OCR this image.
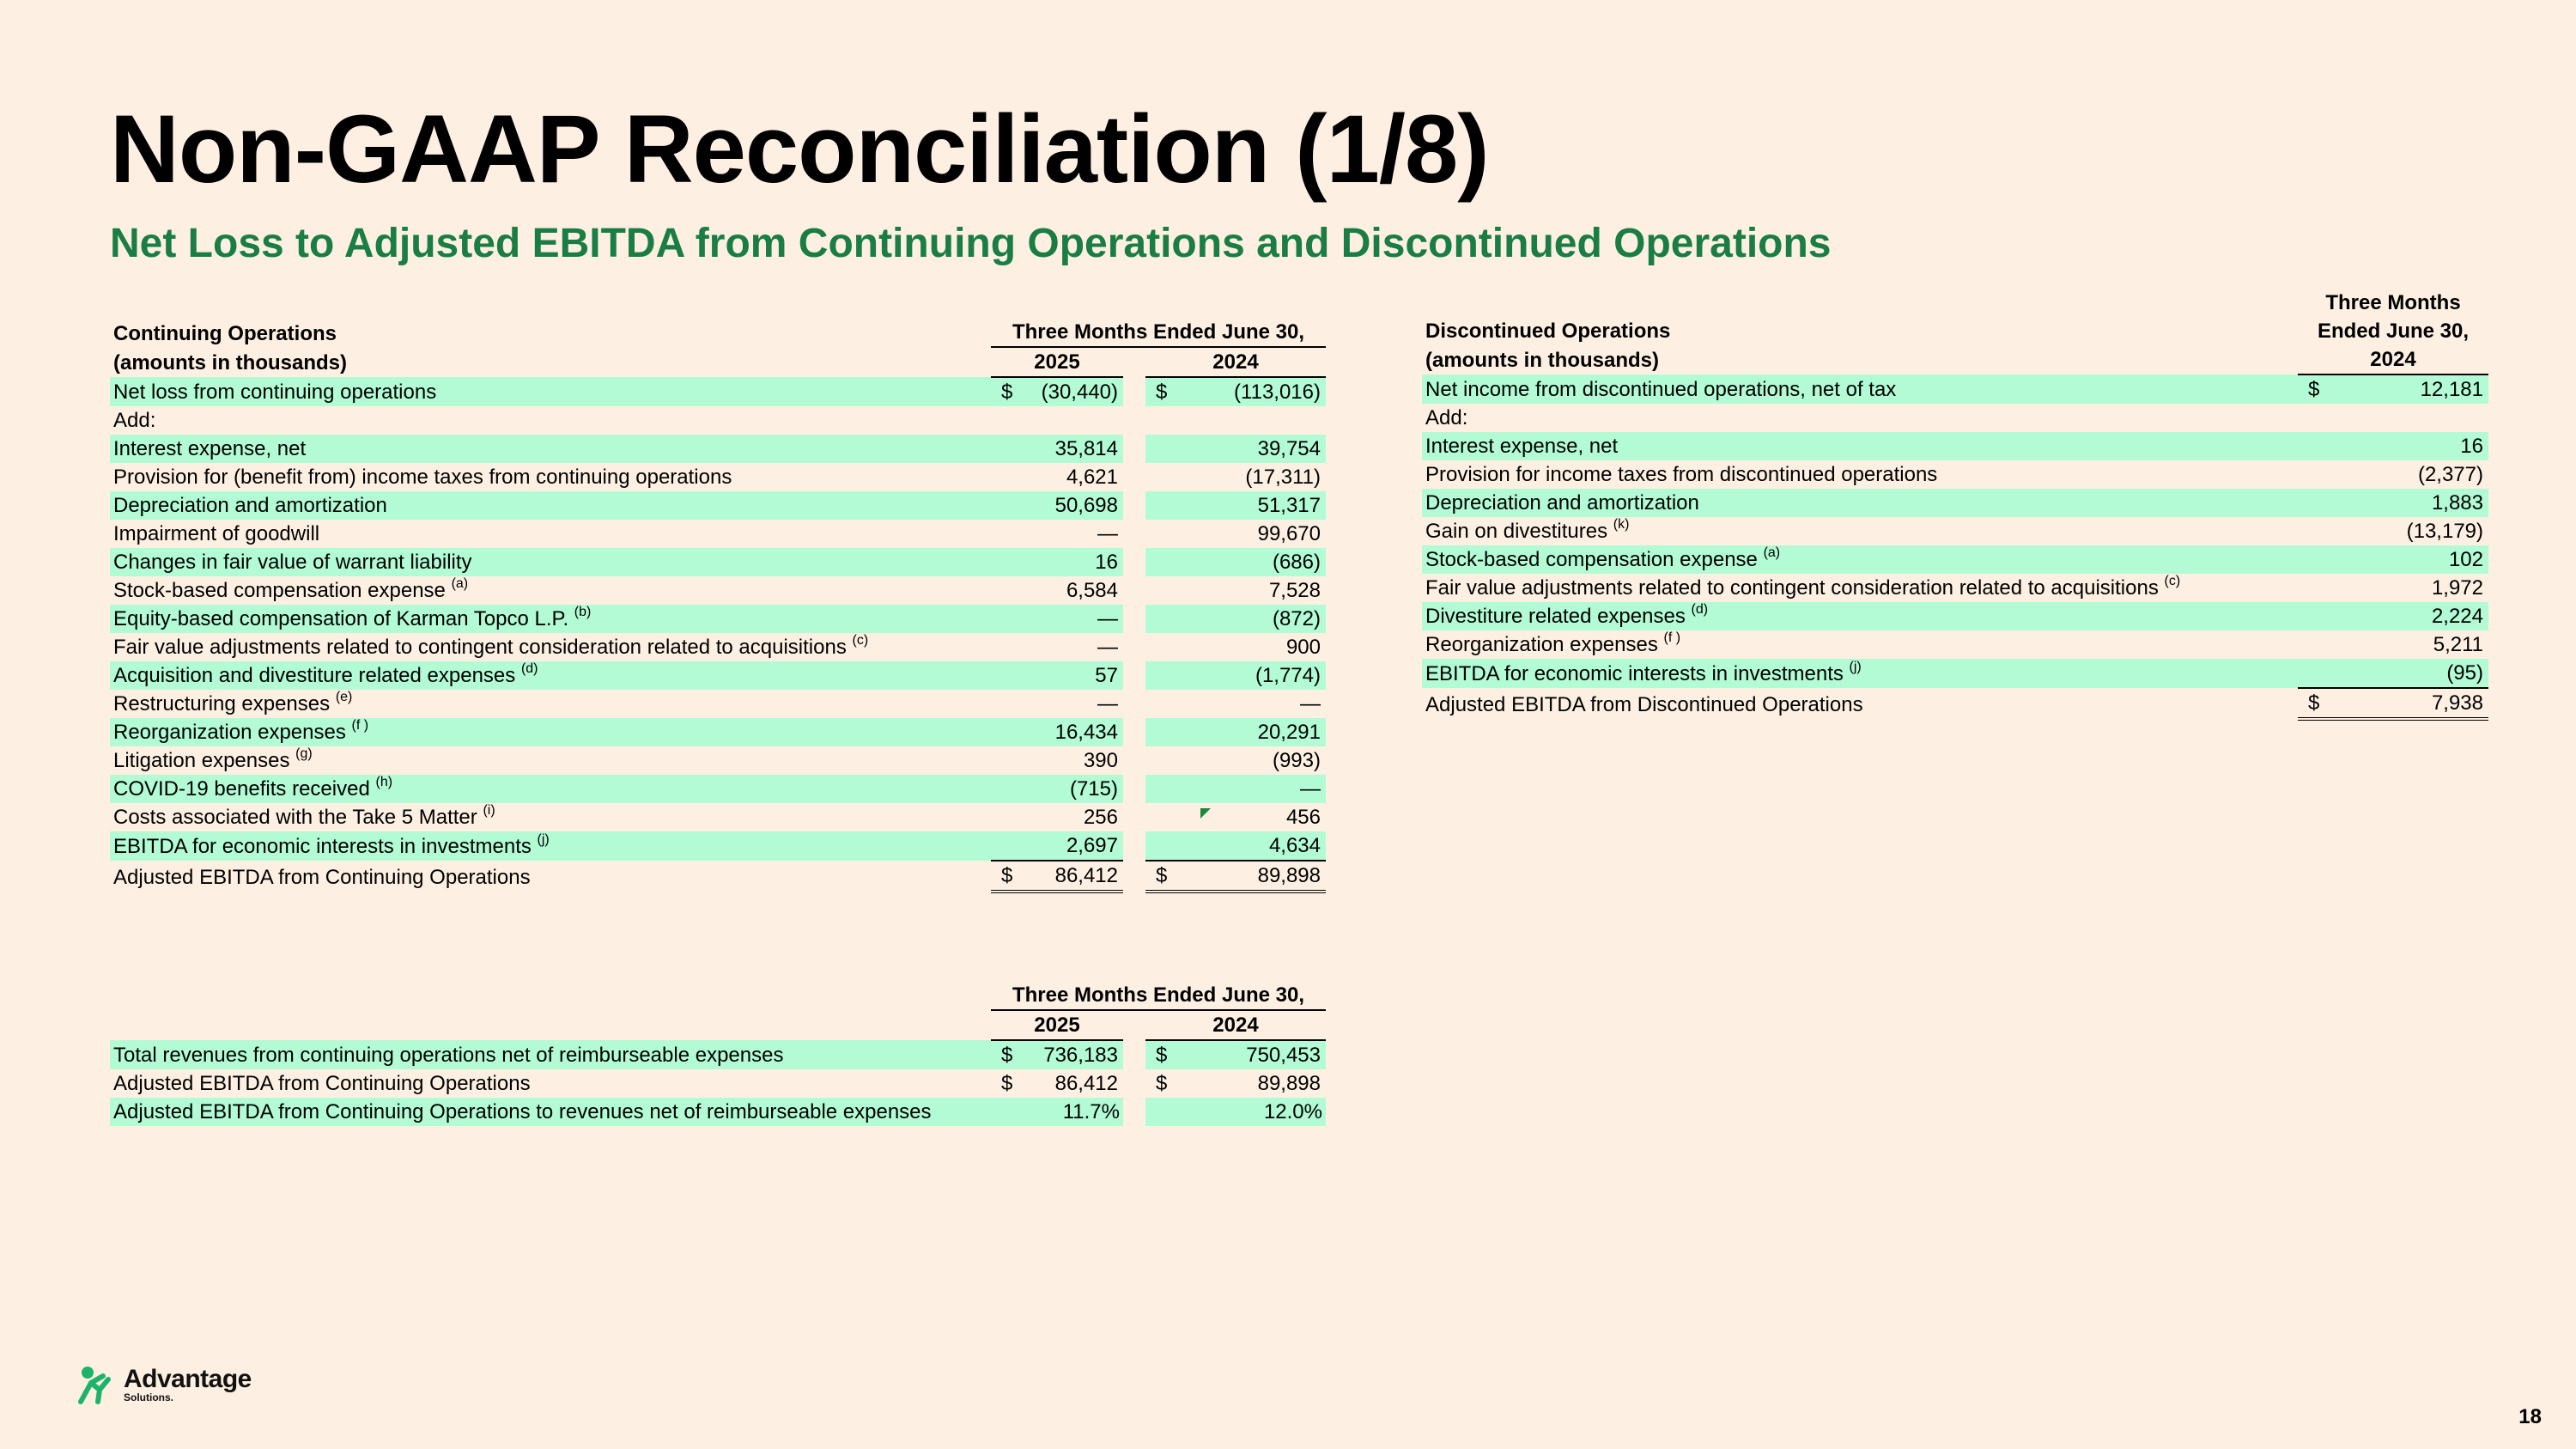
Non-GAAP Reconciliation (1/8)
Net Loss to Adjusted EBITDA from Continuing Operations and Discontinued Operations
Continuing Operations	Three Months Ended June 30,				

(amounts in thousands)	2025			2024	
Net loss from continuing operations	$	(30,440)		$	(113,016)
Add:					
Interest expense, net		35,814			39,754
Provision for (benefit from) income taxes from continuing operations		4,621			(17,311)
Depreciation and amortization		50,698			51,317
Impairment of goodwill		—			99,670
Changes in fair value of warrant liability		16			(686)
Stock-based compensation expense $^{(a)}$		6,584			7,528
Equity-based compensation of Karman Topco L.P. $^{(b)}$		—			(872)
Fair value adjustments related to contingent consideration related to acquisitions $^{(c)}$		—			900
Acquisition and divestiture related expenses $^{(d)}$		57			(1,774)
Restructuring expenses $^{(e)}$		—			—
Reorganization expenses $^{(f )}$		16,434			20,291
Litigation expenses $^{(g)}$		390			(993)
COVID-19 benefits received $^{(h)}$		(715)			—
Costs associated with the Take 5 Matter $^{(i)}$		256			456
EBITDA for economic interests in investments $^{(j)}$		2,697			4,634
Adjusted EBITDA from Continuing Operations	$	86,412		$	89,898

	Three Months Ended June 30,				

	2025			2024	
Total revenues from continuing operations net of reimburseable expenses	$	736,183		$	750,453
Adjusted EBITDA from Continuing Operations	$	86,412		$	89,898
Adjusted EBITDA from Continuing Operations to revenues net of reimburseable expenses	11.7%			12.0%	
	Three Months	
Discontinued Operations	Ended June 30,	
(amounts in thousands)	2024	
Net income from discontinued operations, net of tax	$	12,181
Add:		
Interest expense, net		16
Provision for income taxes from discontinued operations		(2,377)
Depreciation and amortization		1,883
Gain on divestitures $^{(k)}$		(13,179)
Stock-based compensation expense $^{(a)}$		102
Fair value adjustments related to contingent consideration related to acquisitions $^{(c)}$		1,972
Divestiture related expenses $^{(d)}$		2,224
Reorganization expenses $^{(f )}$		5,211
EBITDA for economic interests in investments $^{(j)}$		(95)
Adjusted EBITDA from Discontinued Operations	$	7,938
Advantage
Solutions.
18
